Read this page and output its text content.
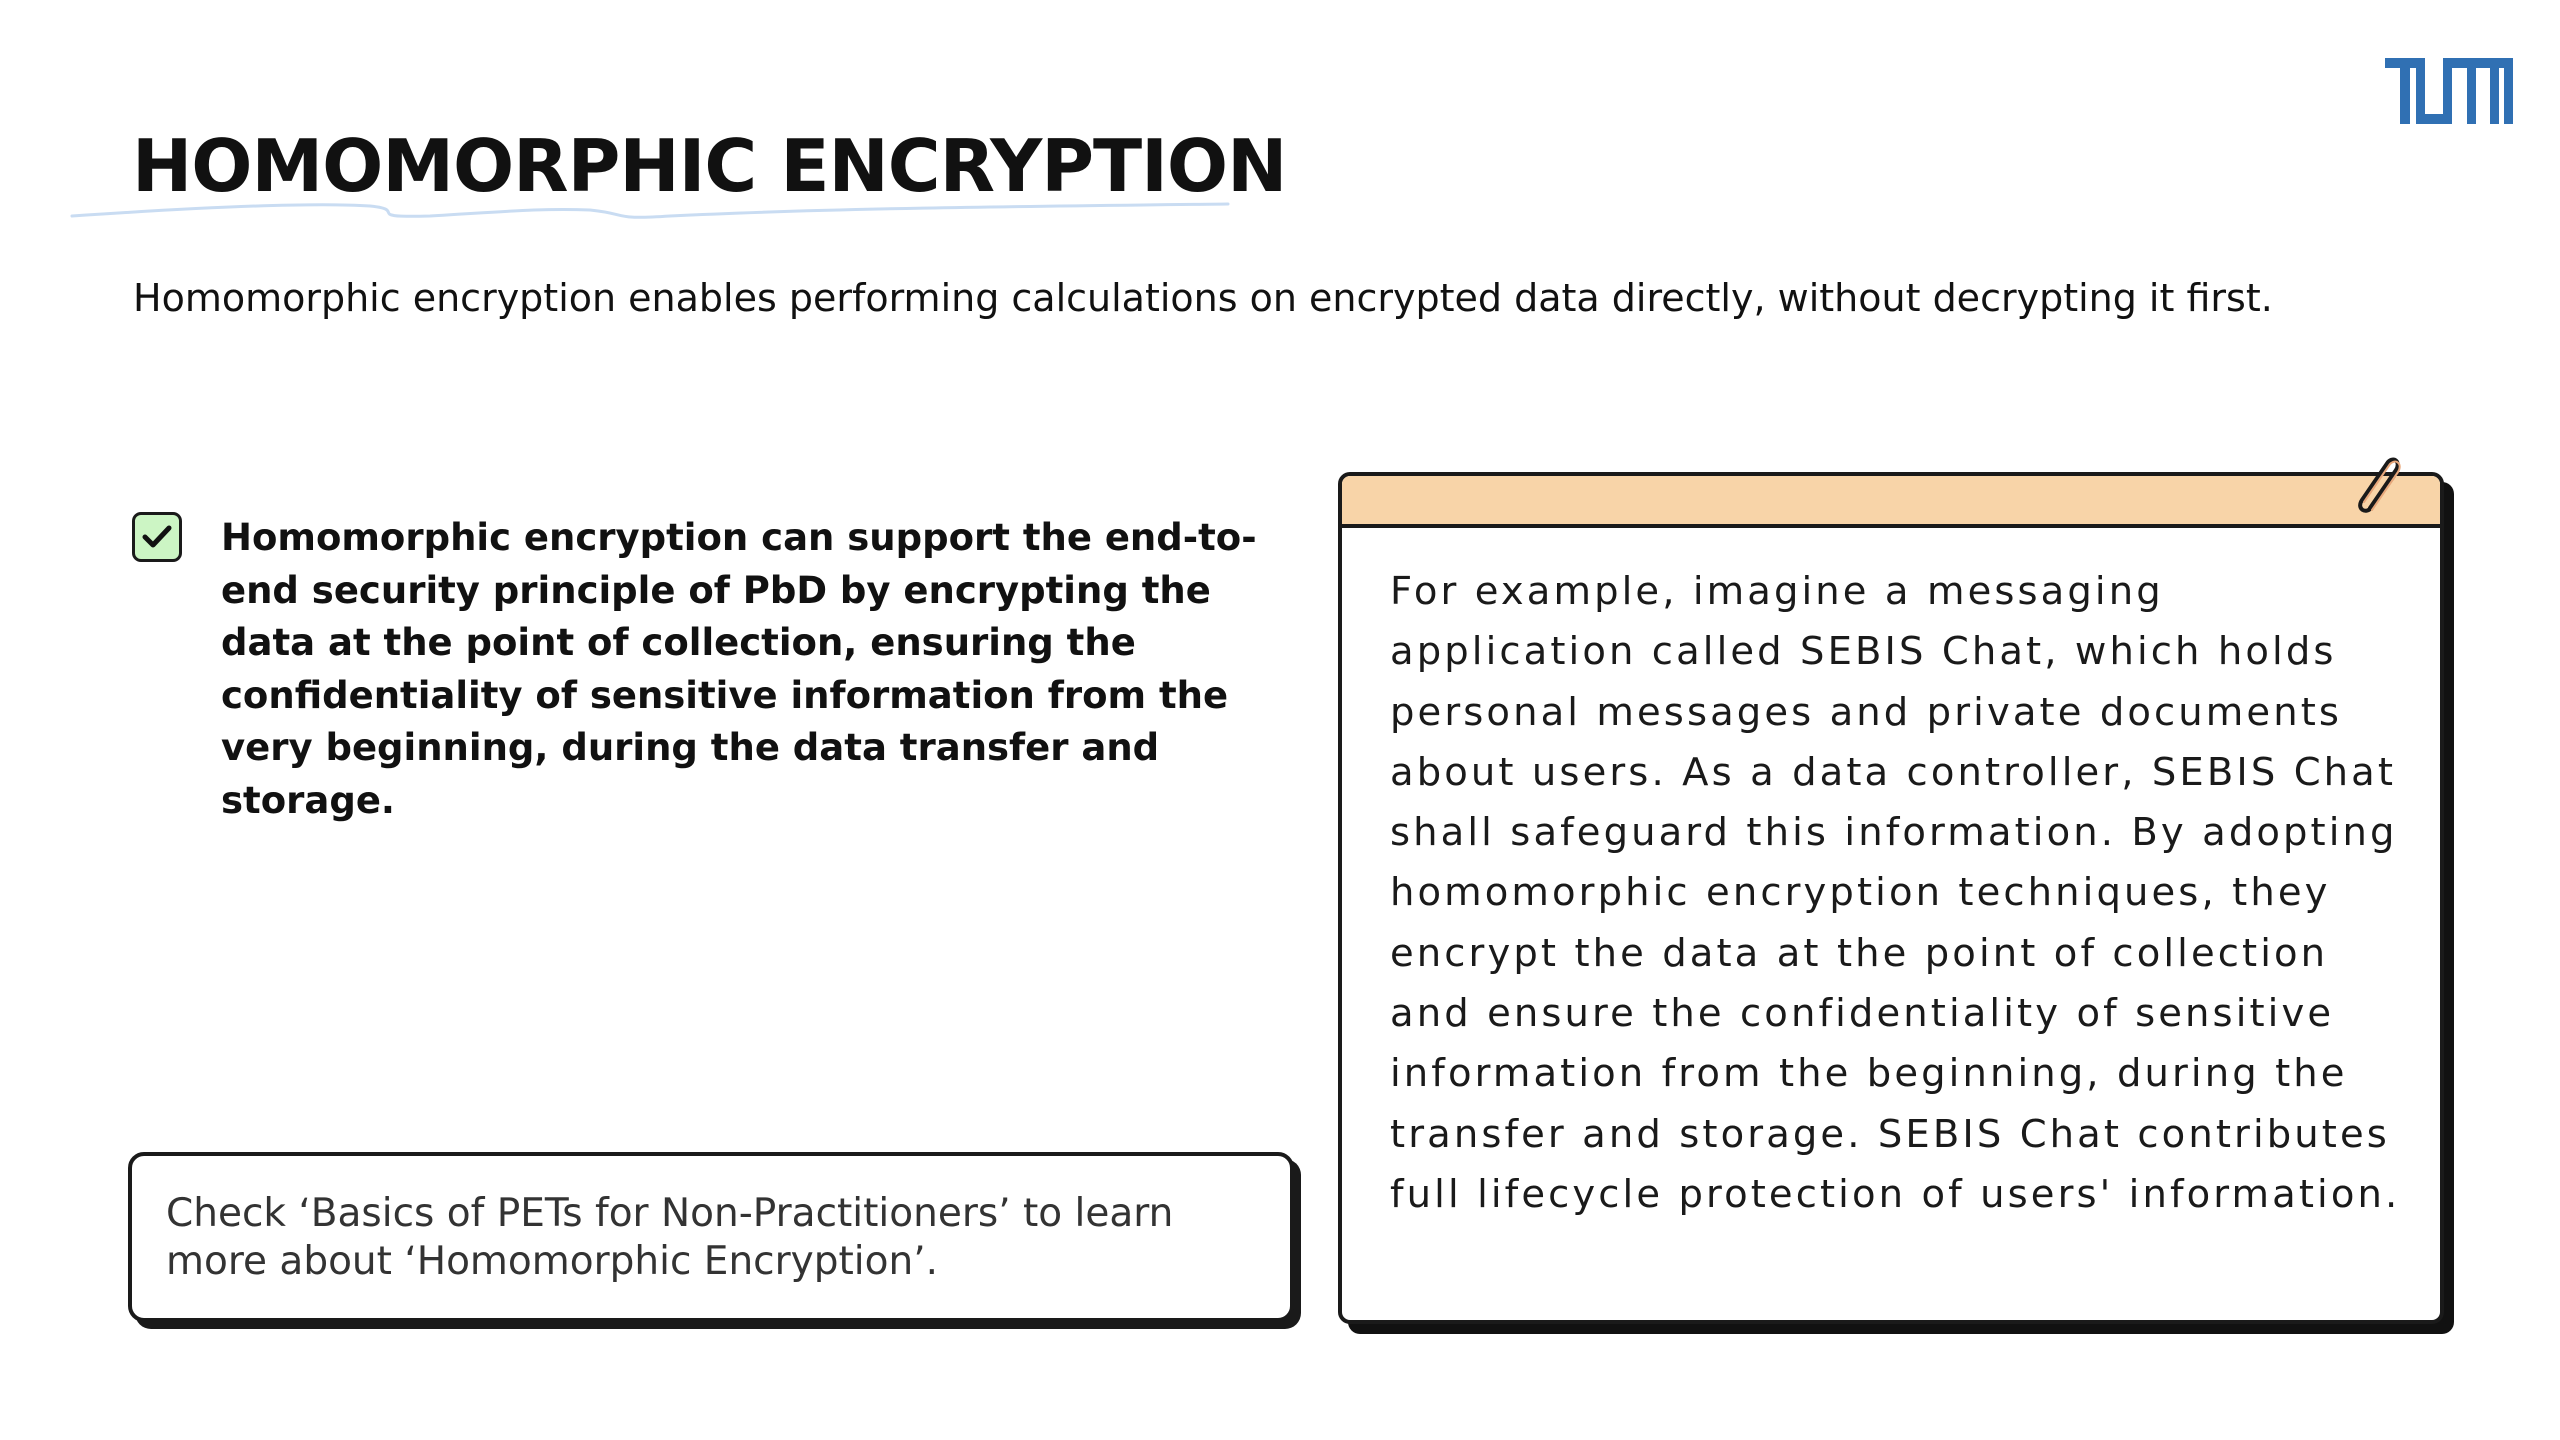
HOMOMORPHIC ENCRYPTION

Homomorphic encryption enables performing calculations on encrypted data directly, without decrypting it first.

Homomorphic encryption can support the end-to-end security principle of PbD by encrypting the data at the point of collection, ensuring the confidentiality of sensitive information from the very beginning, during the data transfer and storage.

Check ‘Basics of PETs for Non-Practitioners’ to learn more about ‘Homomorphic Encryption’.

For example, imagine a messaging application called SEBIS Chat, which holds personal messages and private documents about users. As a data controller, SEBIS Chat shall safeguard this information. By adopting homomorphic encryption techniques, they encrypt the data at the point of collection and ensure the confidentiality of sensitive information from the beginning, during the transfer and storage. SEBIS Chat contributes full lifecycle protection of users' information.
